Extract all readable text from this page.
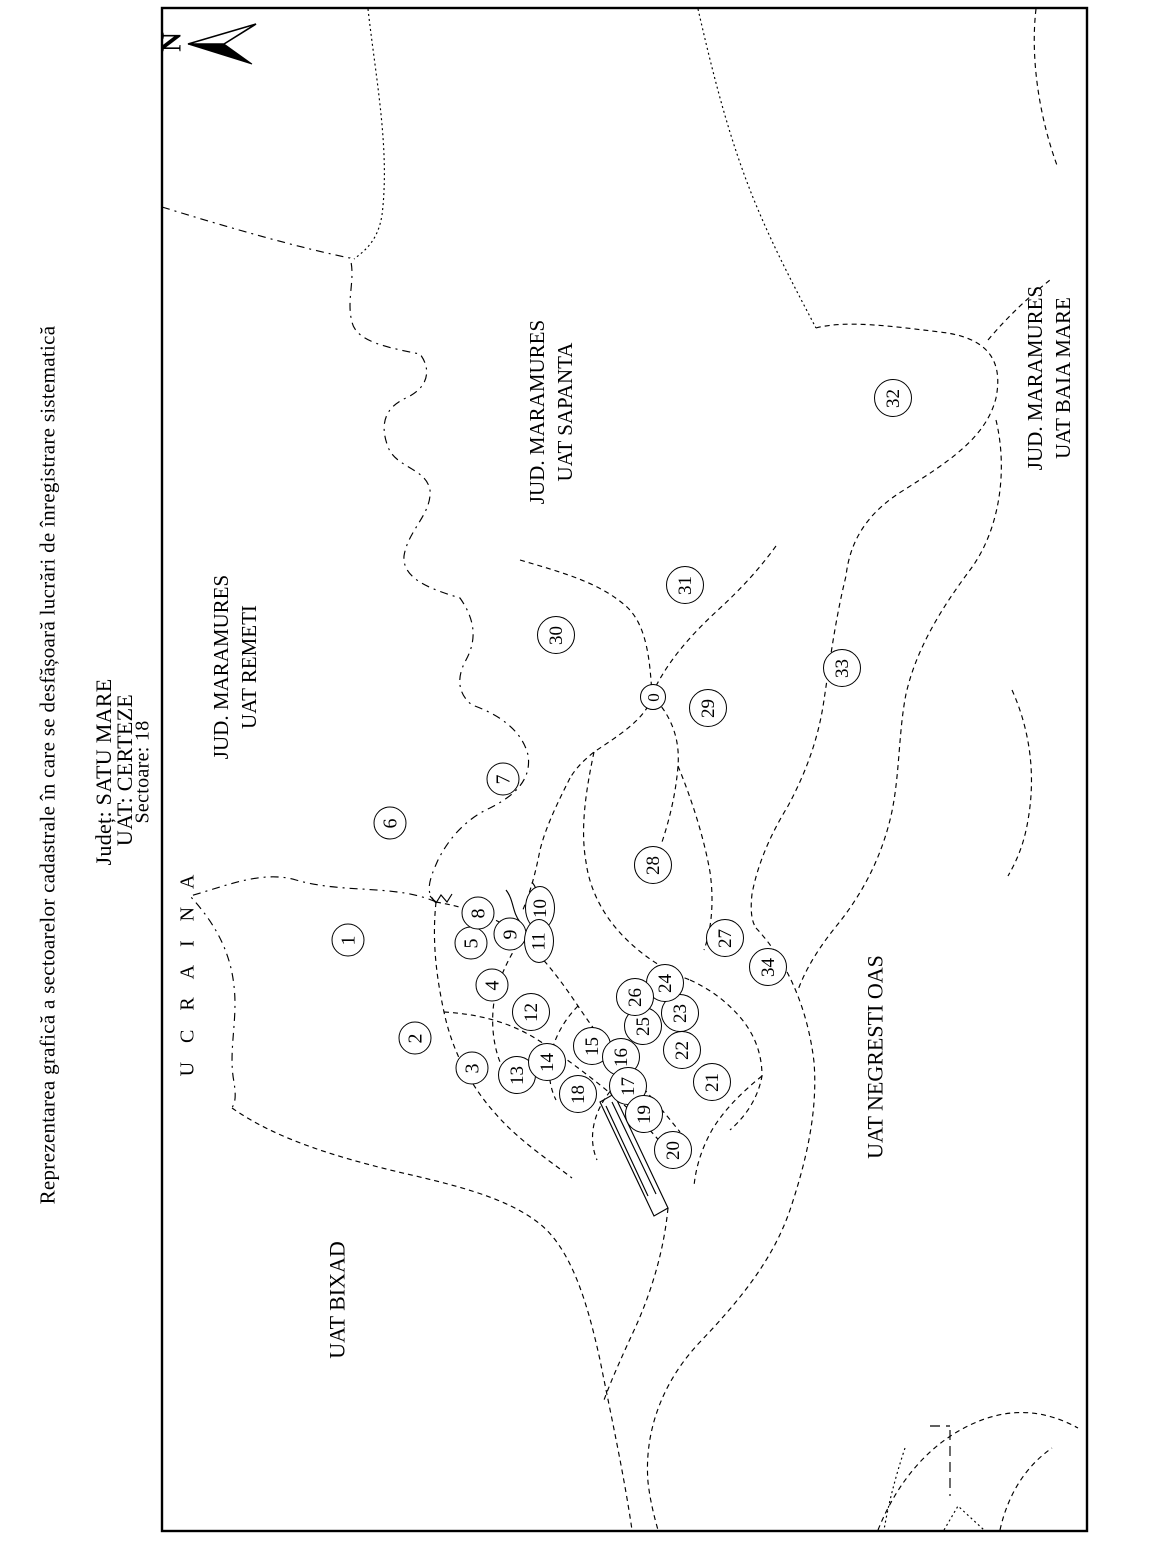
Reprezentarea grafică a sectoarelor cadastrale în care se desfășoară lucrări de înregistrare sistematică Județ: SATU MARE
UAT: CERTEZE
Sectoare: 18
N
U C R A I N A
JUD. MARAMURES UAT REMETI
JUD. MARAMURES UAT SAPANTA	JUD. MARAMURES UAT BAIA MARE
UAT BIXAD
UAT NEGRESTI OAS
0
1
2
3
4
5
6
7
8
9
10
11
12
13
14
15
16
17
18
19
20
21
22
23
24
25
26
27
28
29
30
31
32
33
34
